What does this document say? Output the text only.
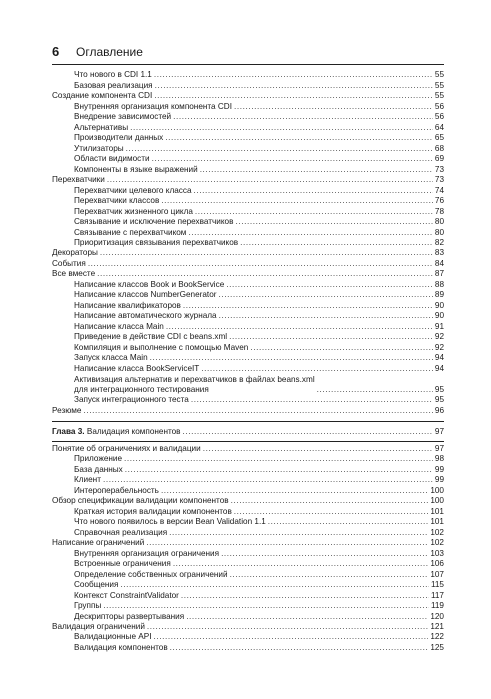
6 Оглавление
Что нового в CDI 1.1 .....	55
Базовая реализация .....	55
Создание компонента CDI .....	55
Внутренняя организация компонента CDI .....	56
Внедрение зависимостей .....	56
Альтернативы .....	64
Производители данных .....	65
Утилизаторы .....	68
Области видимости .....	69
Компоненты в языке выражений .....	73
Перехватчики .....	73
Перехватчики целевого класса .....	74
Перехватчики классов .....	76
Перехватчик жизненного цикла .....	78
Связывание и исключение перехватчиков .....	80
Связывание с перехватчиком .....	80
Приоритизация связывания перехватчиков .....	82
Декораторы .....	83
События .....	84
Все вместе .....	87
Написание классов Book и BookService .....	88
Написание классов NumberGenerator .....	89
Написание квалификаторов .....	90
Написание автоматического журнала .....	90
Написание класса Main .....	91
Приведение в действие CDI с beans.xml .....	92
Компиляция и выполнение с помощью Maven .....	92
Запуск класса Main .....	94
Написание класса BookServiceIT .....	94
Активизация альтернатив и перехватчиков в файлах beans.xml
для интеграционного тестирования .....	95
Запуск интеграционного теста .....	95
Резюме .....	96
Глава 3. Валидация компонентов .....	97
Понятие об ограничениях и валидации .....	97
Приложение .....	98
База данных .....	99
Клиент .....	99
Интероперабельность .....	100
Обзор спецификации валидации компонентов .....	100
Краткая история валидации компонентов .....	101
Что нового появилось в версии Bean Validation 1.1 .....	101
Справочная реализация .....	102
Написание ограничений .....	102
Внутренняя организация ограничения .....	103
Встроенные ограничения .....	106
Определение собственных ограничений .....	107
Сообщения .....	115
Контекст ConstraintValidator .....	117
Группы .....	119
Дескрипторы развертывания .....	120
Валидация ограничений .....	121
Валидационные API .....	122
Валидация компонентов .....	125
